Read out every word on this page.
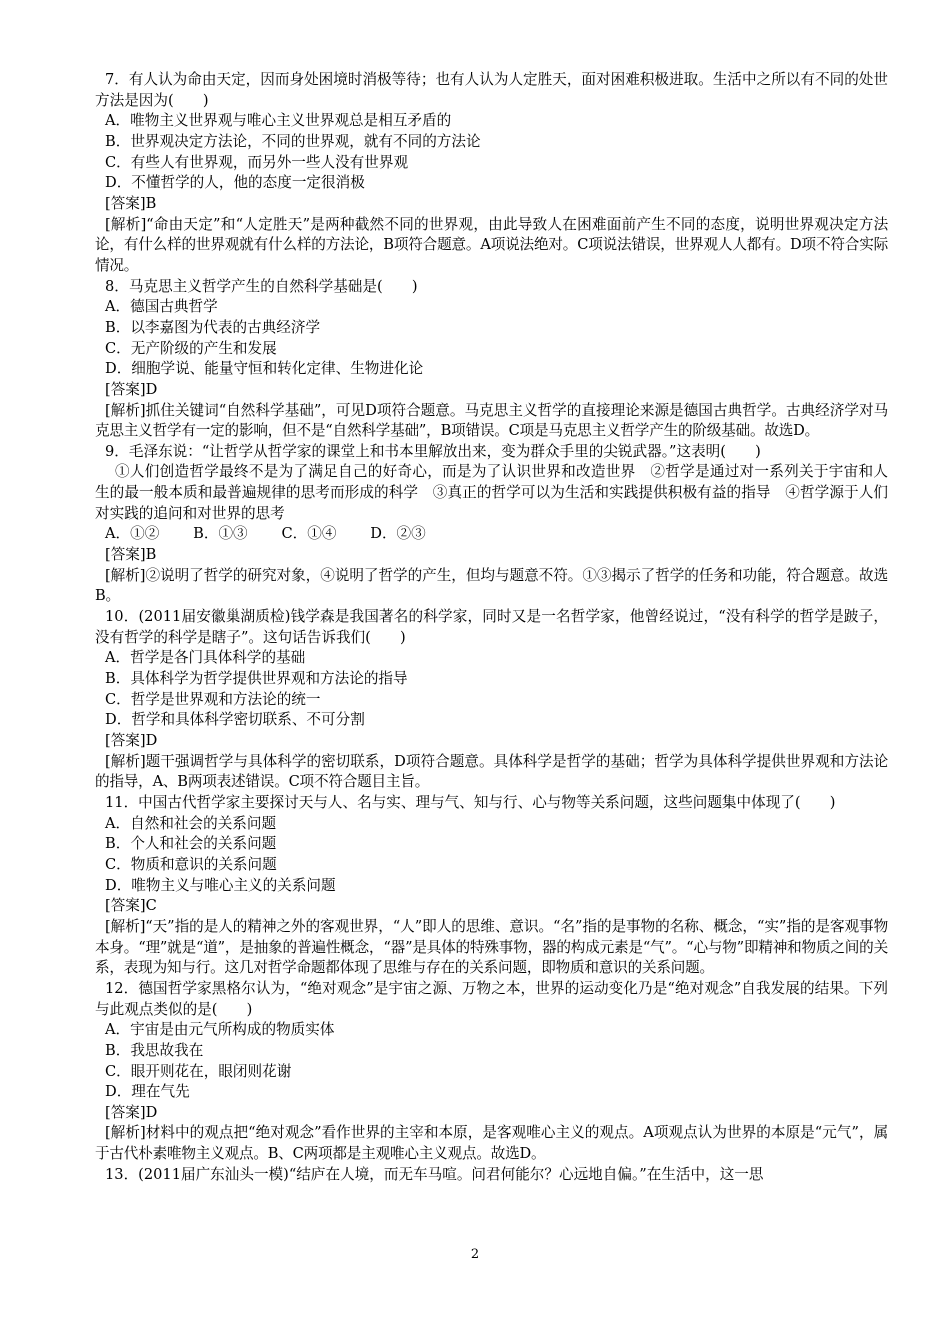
7．有人认为命由天定，因而身处困境时消极等待；也有人认为人定胜天，面对困难积极进取。生活中之所以有不同的处世方法是因为(　　)

A．唯物主义世界观与唯心主义世界观总是相互矛盾的

B．世界观决定方法论，不同的世界观，就有不同的方法论

C．有些人有世界观，而另外一些人没有世界观

D．不懂哲学的人，他的态度一定很消极

[答案]B

[解析]“命由天定”和“人定胜天”是两种截然不同的世界观，由此导致人在困难面前产生不同的态度，说明世界观决定方法论，有什么样的世界观就有什么样的方法论，B项符合题意。A项说法绝对。C项说法错误，世界观人人都有。D项不符合实际情况。

8．马克思主义哲学产生的自然科学基础是(　　)

A．德国古典哲学

B．以李嘉图为代表的古典经济学

C．无产阶级的产生和发展

D．细胞学说、能量守恒和转化定律、生物进化论

[答案]D

[解析]抓住关键词“自然科学基础”，可见D项符合题意。马克思主义哲学的直接理论来源是德国古典哲学。古典经济学对马克思主义哲学有一定的影响，但不是“自然科学基础”，B项错误。C项是马克思主义哲学产生的阶级基础。故选D。

9．毛泽东说：“让哲学从哲学家的课堂上和书本里解放出来，变为群众手里的尖锐武器。”这表明(　　)

①人们创造哲学最终不是为了满足自己的好奇心，而是为了认识世界和改造世界　②哲学是通过对一系列关于宇宙和人生的最一般本质和最普遍规律的思考而形成的科学　③真正的哲学可以为生活和实践提供积极有益的指导　④哲学源于人们对实践的追问和对世界的思考

A．①②　　 B．①③　　 C．①④　　 D．②③

[答案]B

[解析]②说明了哲学的研究对象，④说明了哲学的产生，但均与题意不符。①③揭示了哲学的任务和功能，符合题意。故选B。

10．(2011届安徽巢湖质检)钱学森是我国著名的科学家，同时又是一名哲学家，他曾经说过，“没有科学的哲学是跛子， 没有哲学的科学是瞎子”。这句话告诉我们(　　)

A．哲学是各门具体科学的基础

B．具体科学为哲学提供世界观和方法论的指导

C．哲学是世界观和方法论的统一

D．哲学和具体科学密切联系、不可分割

[答案]D

[解析]题干强调哲学与具体科学的密切联系，D项符合题意。具体科学是哲学的基础；哲学为具体科学提供世界观和方法论的指导，A、B两项表述错误。C项不符合题目主旨。

11．中国古代哲学家主要探讨天与人、名与实、理与气、知与行、心与物等关系问题，这些问题集中体现了(　　)

A．自然和社会的关系问题

B．个人和社会的关系问题

C．物质和意识的关系问题

D．唯物主义与唯心主义的关系问题

[答案]C

[解析]“天”指的是人的精神之外的客观世界，“人”即人的思维、意识。“名”指的是事物的名称、概念，“实”指的是客观事物本身。“理”就是“道”，是抽象的普遍性概念，“器”是具体的特殊事物，器的构成元素是“气”。“心与物”即精神和物质之间的关系，表现为知与行。这几对哲学命题都体现了思维与存在的关系问题，即物质和意识的关系问题。

12．德国哲学家黑格尔认为，“绝对观念”是宇宙之源、万物之本，世界的运动变化乃是“绝对观念”自我发展的结果。下列与此观点类似的是(　　)

A．宇宙是由元气所构成的物质实体

B．我思故我在

C．眼开则花在，眼闭则花谢

D．理在气先

[答案]D

[解析]材料中的观点把“绝对观念”看作世界的主宰和本原，是客观唯心主义的观点。A项观点认为世界的本原是“元气”，属于古代朴素唯物主义观点。B、C两项都是主观唯心主义观点。故选D。

13．(2011届广东汕头一模)“结庐在人境，而无车马喧。问君何能尔？心远地自偏。”在生活中，这一思

2
